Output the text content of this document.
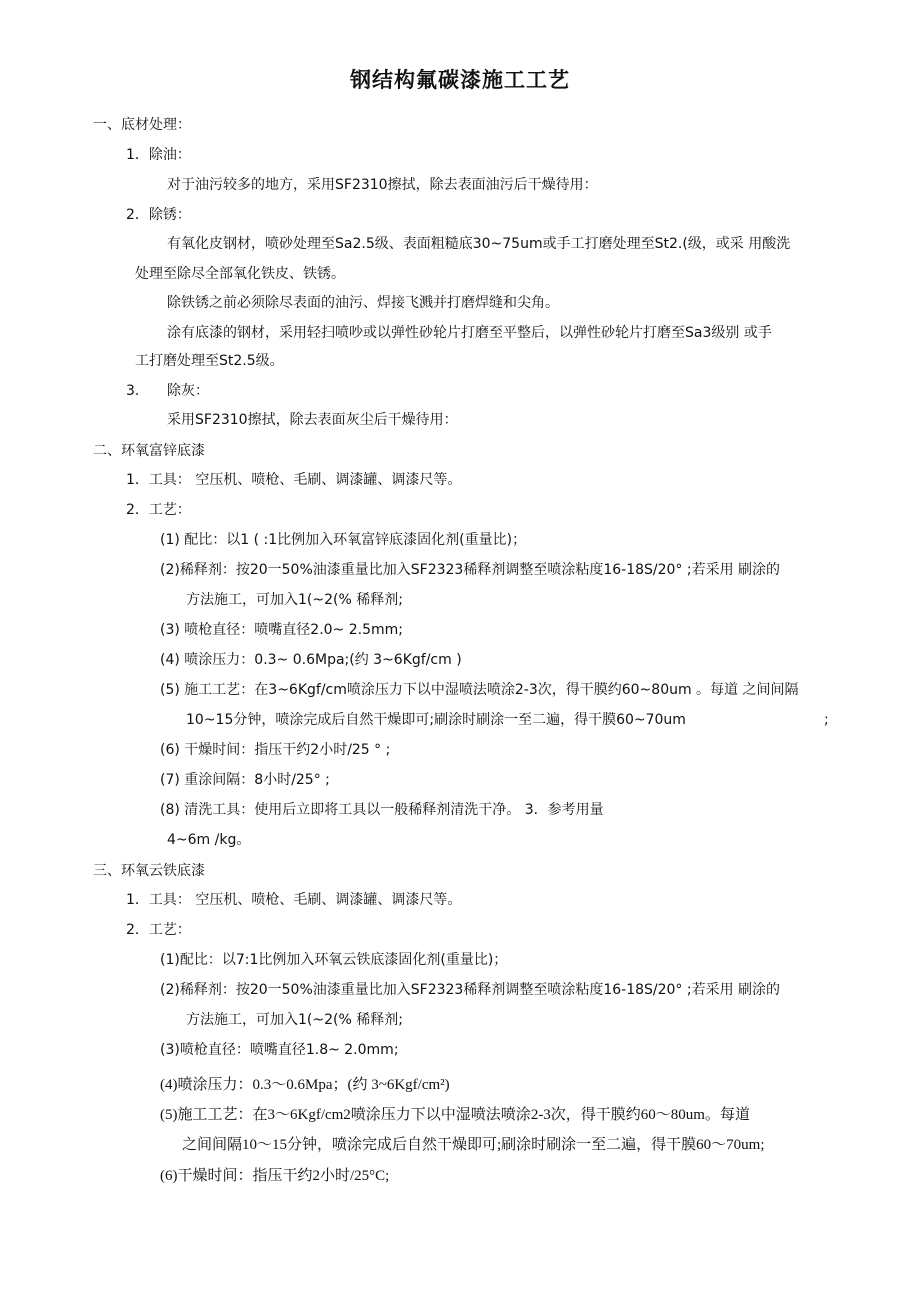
钢结构氟碳漆施工工艺
一、底材处理：
1．除油：
对于油污较多的地方，采用SF2310擦拭，除去表面油污后干燥待用：
2．除锈：
有氧化皮钢材，喷砂处理至Sa2.5级、表面粗糙底30~75um或手工打磨处理至St2.(级，或采 用酸洗
处理至除尽全部氧化铁皮、铁锈。
除铁锈之前必须除尽表面的油污、焊接飞溅并打磨焊缝和尖角。
涂有底漆的钢材，采用轻扫喷吵或以弹性砂轮片打磨至平整后，以弹性砂轮片打磨至Sa3级别 或手
工打磨处理至St2.5级。
3. 除灰：
采用SF2310擦拭，除去表面灰尘后干燥待用：
二、环氧富锌底漆
1．工具： 空压机、喷枪、毛刷、调漆罐、调漆尺等。
2．工艺：
(1) 配比：以1 ( :1比例加入环氧富锌底漆固化剂(重量比)；
(2)稀释剂：按20一50%油漆重量比加入SF2323稀释剂调整至喷涂粘度16-18S/20° ;若采用 刷涂的
方法施工，可加入1(~2(% 稀释剂;
(3) 喷枪直径：喷嘴直径2.0~ 2.5mm;
(4) 喷涂压力：0.3~ 0.6Mpa;(约 3~6Kgf/cm )
(5) 施工工艺：在3~6Kgf/cm喷涂压力下以中湿喷法喷涂2-3次，得干膜约60~80um 。每道 之间间隔
10~15分钟，喷涂完成后自然干燥即可;刷涂时刷涂一至二遍，得干膜60~70um	;
(6) 干燥时间：指压干约2小时/25 ° ;
(7) 重涂间隔：8小时/25° ;
(8) 清洗工具：使用后立即将工具以一般稀释剂清洗干净。 3．参考用量
4~6m /kg。
三、环氧云铁底漆
1．工具： 空压机、喷枪、毛刷、调漆罐、调漆尺等。
2．工艺：
(1)配比：以7:1比例加入环氧云铁底漆固化剂(重量比)；
(2)稀释剂：按20一50%油漆重量比加入SF2323稀释剂调整至喷涂粘度16-18S/20° ;若采用 刷涂的
方法施工，可加入1(~2(% 稀释剂;
(3)喷枪直径：喷嘴直径1.8~ 2.0mm;
(4)喷涂压力：0.3～0.6Mpa；(约 3~6Kgf/cm²)
(5)施工工艺：在3～6Kgf/cm2喷涂压力下以中湿喷法喷涂2-3次，得干膜约60～80um。每道
之间间隔10～15分钟，喷涂完成后自然干燥即可;刷涂时刷涂一至二遍，得干膜60～70um;
(6)干燥时间：指压干约2小时/25°C;
